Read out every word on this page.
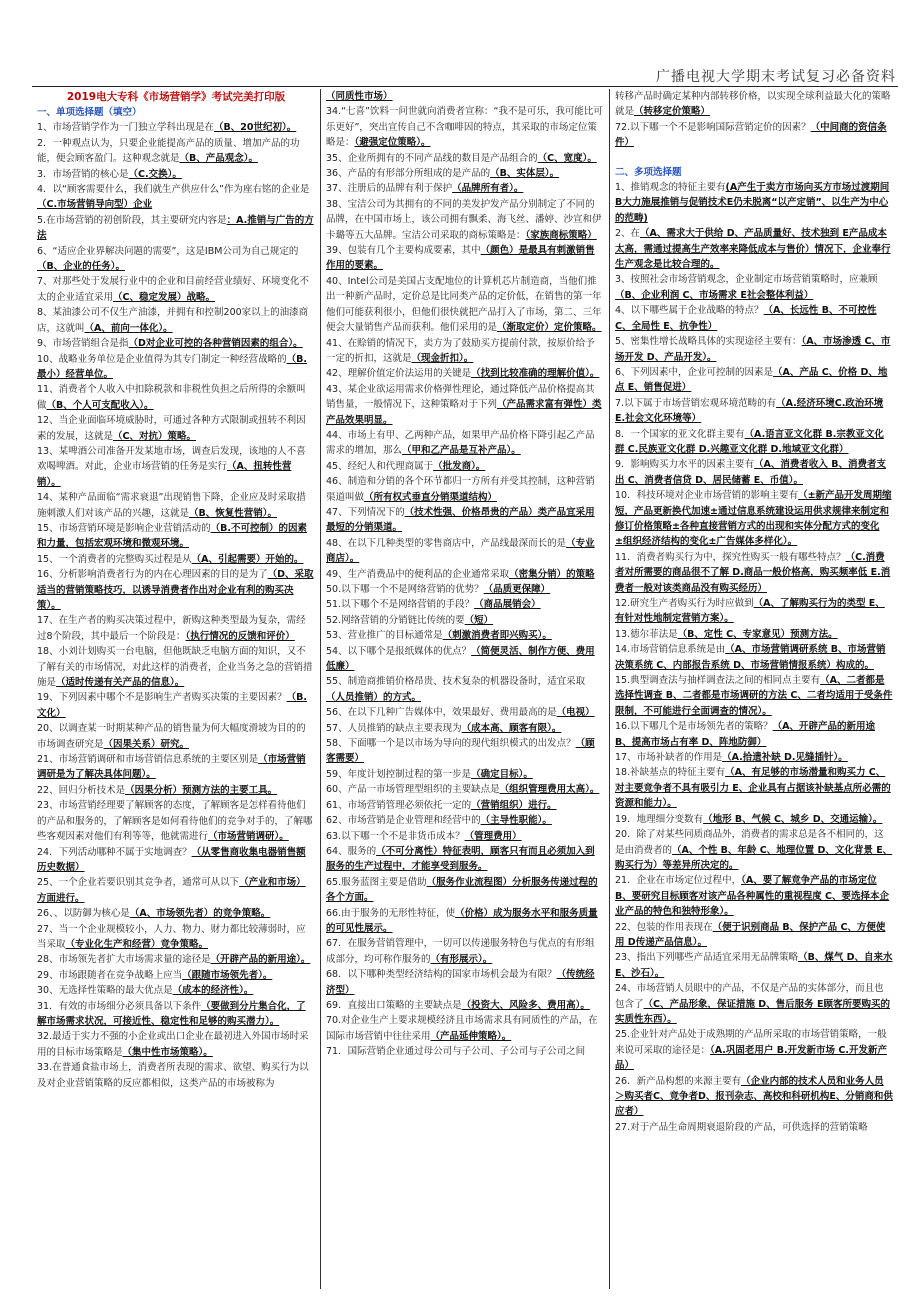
广播电视大学期末考试复习必备资料
2019电大专科《市场营销学》考试完美打印版
一、单项选择题（填空）
1、市场营销学作为一门独立学科出现是在（B、20世纪初）。
2．一种观点认为，只要企业能提高产品的质量、增加产品的功能，便会顾客盈门。这种观念就是（B、产品观念）。
3．市场营销的核心是（C.交换）。
4．以“顾客需要什么，我们就生产供应什么”作为座右铭的企业是（C.市场营销导向型）企业
5.在市场营销的初创阶段，其主要研究内容是：A.推销与广告的方法
6、“适应企业界解决问题的需要”，这是IBM公司为自己规定的（B、企业的任务）。
7、对那些处于发展行业中的企业和目前经营业绩好、环境变化不太的企业适宜采用（C、稳定发展）战略。
8、某油漆公司不仅生产油漆，并拥有和控制200家以上的油漆商店，这就叫（A、前向一体化）。
9、市场营销组合是指（D对企业可控的各种营销因素的组合）。
10、战略业务单位是企业值得为其专门制定一种经营战略的（B.最小）经营单位。
11、消费者个人收入中扣除税款和非税性负担之后所得的余额叫做（B、个人可支配收入）。
12、当企业面临环境威胁时，可通过各种方式限制或扭转不利因素的发展，这就是（C、对抗）策略。
13、某啤酒公司准备开发某地市场，调查后发现，该地的人不喜欢喝啤酒。对此，企业市场营销的任务是实行（A、扭转性营销）。
14、某种产品面临“需求衰退”出现销售下降，企业应及时采取措施刺激人们对该产品的兴趣，这就是（B、恢复性营销）。
15、市场营销环境是影响企业营销活动的（B.不可控制）的因素和力量，包括宏观环境和微观环境。
15、一个消费者的完整购买过程是从（A、引起需要）开始的。
16、分析影响消费者行为的内在心理因素的目的是为了（D、采取适当的营销策略技巧，以诱导消费者作出对企业有利的购买决策）。
17、在生产者的购买决策过程中，新购这种类型最为复杂，需经过8个阶段，其中最后一个阶段是：（执行情况的反馈和评价）
18、小刘计划购买一台电脑，但他既缺乏电脑方面的知识，又不了解有关的市场情况，对此这样的消费者，企业当务之急的营销措施是（适时传递有关产品的信息）。
19、下列因素中哪个不是影响生产者购买决策的主要因素？（B.文化）
20、以调查某一时期某种产品的销售量为何大幅度滑坡为目的的市场调查研究是（因果关系）研究。
21、市场营销调研和市场营销信息系统的主要区别是（市场营销调研是为了解决具体问题）。
22、回归分析技术是（因果分析）预测方法的主要工具。
23、市场营销经理要了解顾客的态度，了解顾客是怎样看待他们的产品和服务的，了解顾客是如何看待他们的竞争对手的，了解哪些客观因素对他们有利等等，他就需进行（市场营销调研）。
24．下列活动哪种不属于实地调查？（从零售商收集电器销售额历史数据）
25、一个企业若要识别其竞争者，通常可从以下（产业和市场）方面进行。
26、、以防御为核心是（A、市场领先者）的竞争策略。
27、当一个企业规模较小，人力、物力、财力都比较薄弱时，应当采取（专业化生产和经营）竞争策略。
28、市场领先者扩大市场需求量的途径是（开辟产品的新用途）。
29、市场跟随者在竞争战略上应当（跟随市场领先者）。
30、无选择性策略的最大优点是（成本的经济性）。
31．有效的市场细分必须具备以下条件（要做到分片集合化，了解市场需求状况，可接近性、稳定性和足够的购买潜力）。
32.最适于实力不强的小企业或出口企业在最初进入外国市场时采用的目标市场策略是（集中性市场策略）。
33.在普通食盐市场上，消费者所表现的需求、欲望、购买行为以及对企业营销策略的反应都相似，这类产品的市场被称为
（同质性市场）
34.“七喜”饮料一问世就向消费者宣称：“我不是可乐，我可能比可乐更好”，突出宣传自己不含咖啡因的特点，其采取的市场定位策略是：（避强定位策略）。
35、企业所拥有的不同产品线的数目是产品组合的（C、宽度）。
36、产品的有形部分所组成的是产品的（B、实体层）。
37、注册后的品牌有利于保护（品牌所有者）。
38、宝洁公司为其拥有的不同的美发护发产品分别制定了不同的品牌，在中国市场上，该公司拥有飘柔、海飞丝、潘婷、沙宣和伊卡璐等五大品牌。宝洁公司采取的商标策略是：（家族商标策略）
39、包装有几个主要构成要素，其中（颜色）是最具有刺激销售作用的要素。
40、Intel公司是美国占支配地位的计算机芯片制造商，当他们推出一种新产品时，定价总是比同类产品的定价低，在销售的第一年他们可能获利很小，但他们很快就把产品打入了市场，第二、三年便会大量销售产品而获利。他们采用的是（渐取定价）定价策略。
41、在赊销的情况下，卖方为了鼓励买方提前付款，按原价给予一定的折扣，这就是（现金折扣）。
42、理解价值定价法运用的关键是（找到比较准确的理解价值）。
43、某企业欲运用需求价格弹性理论，通过降低产品价格提高其销售量，一般情况下，这种策略对于下列（产品需求富有弹性）类产品效果明显。
44、市场上有甲、乙两种产品，如果甲产品价格下降引起乙产品需求的增加，那么（甲和乙产品是互补产品）。
45、经纪人和代理商属于（批发商）。
46、制造和分销的各个环节都归一方所有并受其控制，这种营销渠道叫做（所有权式垂直分销渠道结构）
47、下列情况下的（技术性强、价格昂贵的产品）类产品宜采用最短的分销渠道。
48、在以下几种类型的零售商店中，产品线最深而长的是（专业商店）。
49、生产消费品中的便利品的企业通常采取（密集分销）的策略
50.以下哪一个不是网络营销的优势？（品质更保障）
51.以下哪个不是网络营销的手段？（商品展销会）
52.网络营销的分销链比传统的要（短）
53、营业推广的目标通常是（刺激消费者即兴购买）。
54、以下哪个是报纸媒体的优点？（简便灵活、制作方便、费用低廉）
55、制造商推销价格昂贵、技术复杂的机器设备时，适宜采取（人员推销）的方式。
56、在以下几种广告媒体中，效果最好、费用最高的是（电视）
57、人员推销的缺点主要表现为（成本高、顾客有限）。
58、下面哪一个是以市场为导向的现代组织模式的出发点？（顾客需要）
59、年度计划控制过程的第一步是（确定目标）。
60、产品一市场管理型组织的主要缺点是（组织管理费用太高）。
61、市场营销管理必须依托一定的（营销组织）进行。
62、市场营销是企业管理和经营中的（主导性职能）。
63.以下哪一个不是非货币成本？（管理费用）
64、服务的（不可分离性）特征表明，顾客只有而且必须加入到服务的生产过程中，才能享受到服务。
65.服务蓝图主要是借助（服务作业流程图）分析服务传递过程的各个方面。
66.由于服务的无形性特征，使（价格）成为服务水平和服务质量的可见性展示。
67．在服务营销管理中，一切可以传递服务特色与优点的有形组成部分，均可称作服务的（有形展示）。
68．以下哪种类型经济结构的国家市场机会最为有限？（传统经济型）
69．直接出口策略的主要缺点是（投资大、风险多、费用高）。
70.对企业生产上要求规模经济且市场需求具有同质性的产品，在国际市场营销中往往采用（产品延伸策略）。
71．国际营销企业通过母公司与子公司、子公司与子公司之间
转移产品时确定某种内部转移价格，以实现全球利益最大化的策略就是（转移定价策略）
72.以下哪一个不是影响国际营销定价的因素？（中间商的资信条件）
二、多项选择题
1、推销观念的特征主要有(A产生于卖方市场向买方市场过渡期间B大力施展推销与促销技术E仍未脱离“以产定销”、以生产为中心的范畴)
2、在（A、需求大于供给 D、产品质量好、技术独到 E产品成本太高，需通过提高生产效率来降低成本与售价）情况下，企业奉行生产观念是比较合理的。
3、按照社会市场营销观念，企业制定市场营销策略时，应兼顾（B、企业利润 C、市场需求 E社会整体利益）
4、以下哪些属于企业战略的特点？（A、长远性 B、不可控性 C、全局性 E、抗争性）
5、密集性增长战略具体的实现途径主要有：（A、市场渗透 C、市场开发 D、产品开发）。
6、下列因素中，企业可控制的因素是（A、产品 C、价格 D、地点 E、销售促进）
7.以下属于市场营销宏观环境范畴的有（A.经济环境C.政治环境E.社会文化环境等）
8．一个国家的亚文化群主要有（A.语言亚文化群 B.宗教亚文化群 C.民族亚文化群 D.兴趣亚文化群 D.地域亚文化群）
9．影响购买力水平的因素主要有（A、消费者收入 B、消费者支出 C、消费者信贷 D、居民储蓄 E、币值）。
10．科技环境对企业市场营销的影响主要有（±新产品开发周期缩短，产品更新换代加速±通过信息系统建设运用供求规律来制定和修订价格策略±各种直接营销方式的出现和实体分配方式的变化±组织经济结构的变化±广告媒体多样化）。
11．消费者购买行为中，探究性购买一般有哪些特点？（C.消费者对所需要的商品很不了解 D.商品一般价格高，购买频率低 E.消费者一般对该类商品没有购买经历）
12.研究生产者购买行为时应做到（A、了解购买行为的类型 E、有针对性地制定营销方案）。
13.德尔菲法是（B、定性 C、专家意见）预测方法。
14.市场营销信息系统是由（A、市场营销调研系统 B、市场营销决策系统 C、内部报告系统 D、市场营销情报系统）构成的。
15.典型调查法与抽样调查法之间的相同点主要有（A、二者都是选择性调查 B、二者都是市场调研的方法 C、二者均适用于受条件限制，不可能进行全面调查的情况）。
16.以下哪几个是市场领先者的策略？（A、开辟产品的新用途 B、提高市场占有率 D、阵地防御）
17、市场补缺者的作用是（A.拾遗补缺 D.见缝插针）。
18.补缺基点的特征主要有（A、有足够的市场潜量和购买力 C、对主要竞争者不具有吸引力 E、企业具有占据该补缺基点所必需的资源和能力）。
19．地理细分变数有（地形 B、气候 C、城乡 D、交通运输）。
20．除了对某些同质商品外，消费者的需求总是各不相同的，这是由消费者的（A、个性 B、年龄 C、地理位置 D、文化背景 E、购买行为）等差异所决定的。
21．企业在市场定位过程中，（A、要了解竞争产品的市场定位 B、要研究目标顾客对该产品各种属性的重视程度 C、要选择本企业产品的特色和独特形象）。
22、包装的作用表现在（便于识别商品 B、保护产品 C、方便使用 D传递产品信息）。
23、指出下列哪些产品适宜采用无品牌策略（B、煤气 D、自来水 E、沙石）。
24、市场营销人员眼中的产品，不仅是产品的实体部分，而且也包含了（C、产品形象，保证措施 D、售后服务 E顾客所要购买的实质性东西）。
25.企业针对产品处于成熟期的产品所采取的市场营销策略，一般来说可采取的途径是：（A.巩固老用户 B.开发新市场 C.开发新产品）
26．新产品构想的来源主要有（企业内部的技术人员和业务人员＞购买者C、竞争者D、报刊杂志、高校和科研机构E、分销商和供应者）
27.对于产品生命周期衰退阶段的产品，可供选择的营销策略
